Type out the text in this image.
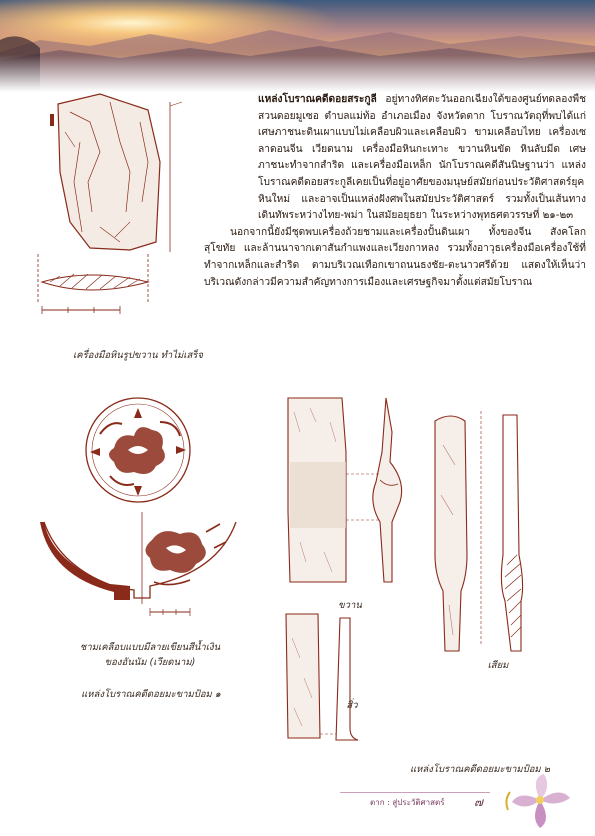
แหล่งโบราณคดีดอยสระกูลี อยู่ทางทิศตะวันออกเฉียงใต้ของศูนย์ทดลองพืชสวนดอยมูเซอ ตำบลแม่ท้อ อำเภอเมือง จังหวัดตาก โบราณวัตถุที่พบได้แก่ เศษภาชนะดินเผาแบบไม่เคลือบผิวและเคลือบผิว ขามเคลือบไทย เครื่องเซลาดอนจีน เวียดนาม เครื่องมือหินกะเทาะ ขวานหินขัด หินลับมีด เศษภาชนะทำจากสำริด และเครื่องมือเหล็ก นักโบราณคดีสันนิษฐานว่า แหล่งโบราณคดีดอยสระกูลีเคยเป็นที่อยู่อาศัยของมนุษย์สมัยก่อนประวัติศาสตร์ยุคหินใหม่ และอาจเป็นแหล่งฝังศพในสมัยประวัติศาสตร์ รวมทั้งเป็นเส้นทางเดินทัพระหว่างไทย-พม่า ในสมัยอยุธยา ในระหว่างพุทธศตวรรษที่ ๒๑-๒๓

นอกจากนี้ยังมีชุดพบเครื่องถ้วยชามและเครื่องปั้นดินเผา ทั้งของจีน สังคโลกสุโขทัย และล้านนาจากเตาสันกำแพงและเวียงกาหลง รวมทั้งอาวุธเครื่องมือเครื่องใช้ที่ทำจากเหล็กและสำริด ตามบริเวณเทือกเขาถนนธงชัย-ตะนาวศรีด้วย แสดงให้เห็นว่าบริเวณดังกล่าวมีความสำคัญทางการเมืองและเศรษฐกิจมาตั้งแต่สมัยโบราณ

เครื่องมือหินรูปขวาน ทำไม่เสร็จ
ชามเคลือบแบบมีลายเขียนสีน้ำเงิน
ของอันนัม (เวียดนาม)
แหล่งโบราณคดีดอยมะขามป้อม ๑
ขวาน
เสียม
สิ่ว
แหล่งโบราณคดีดอยมะขามป้อม ๒
ตาก : สู่ประวัติศาสตร์ ๗
